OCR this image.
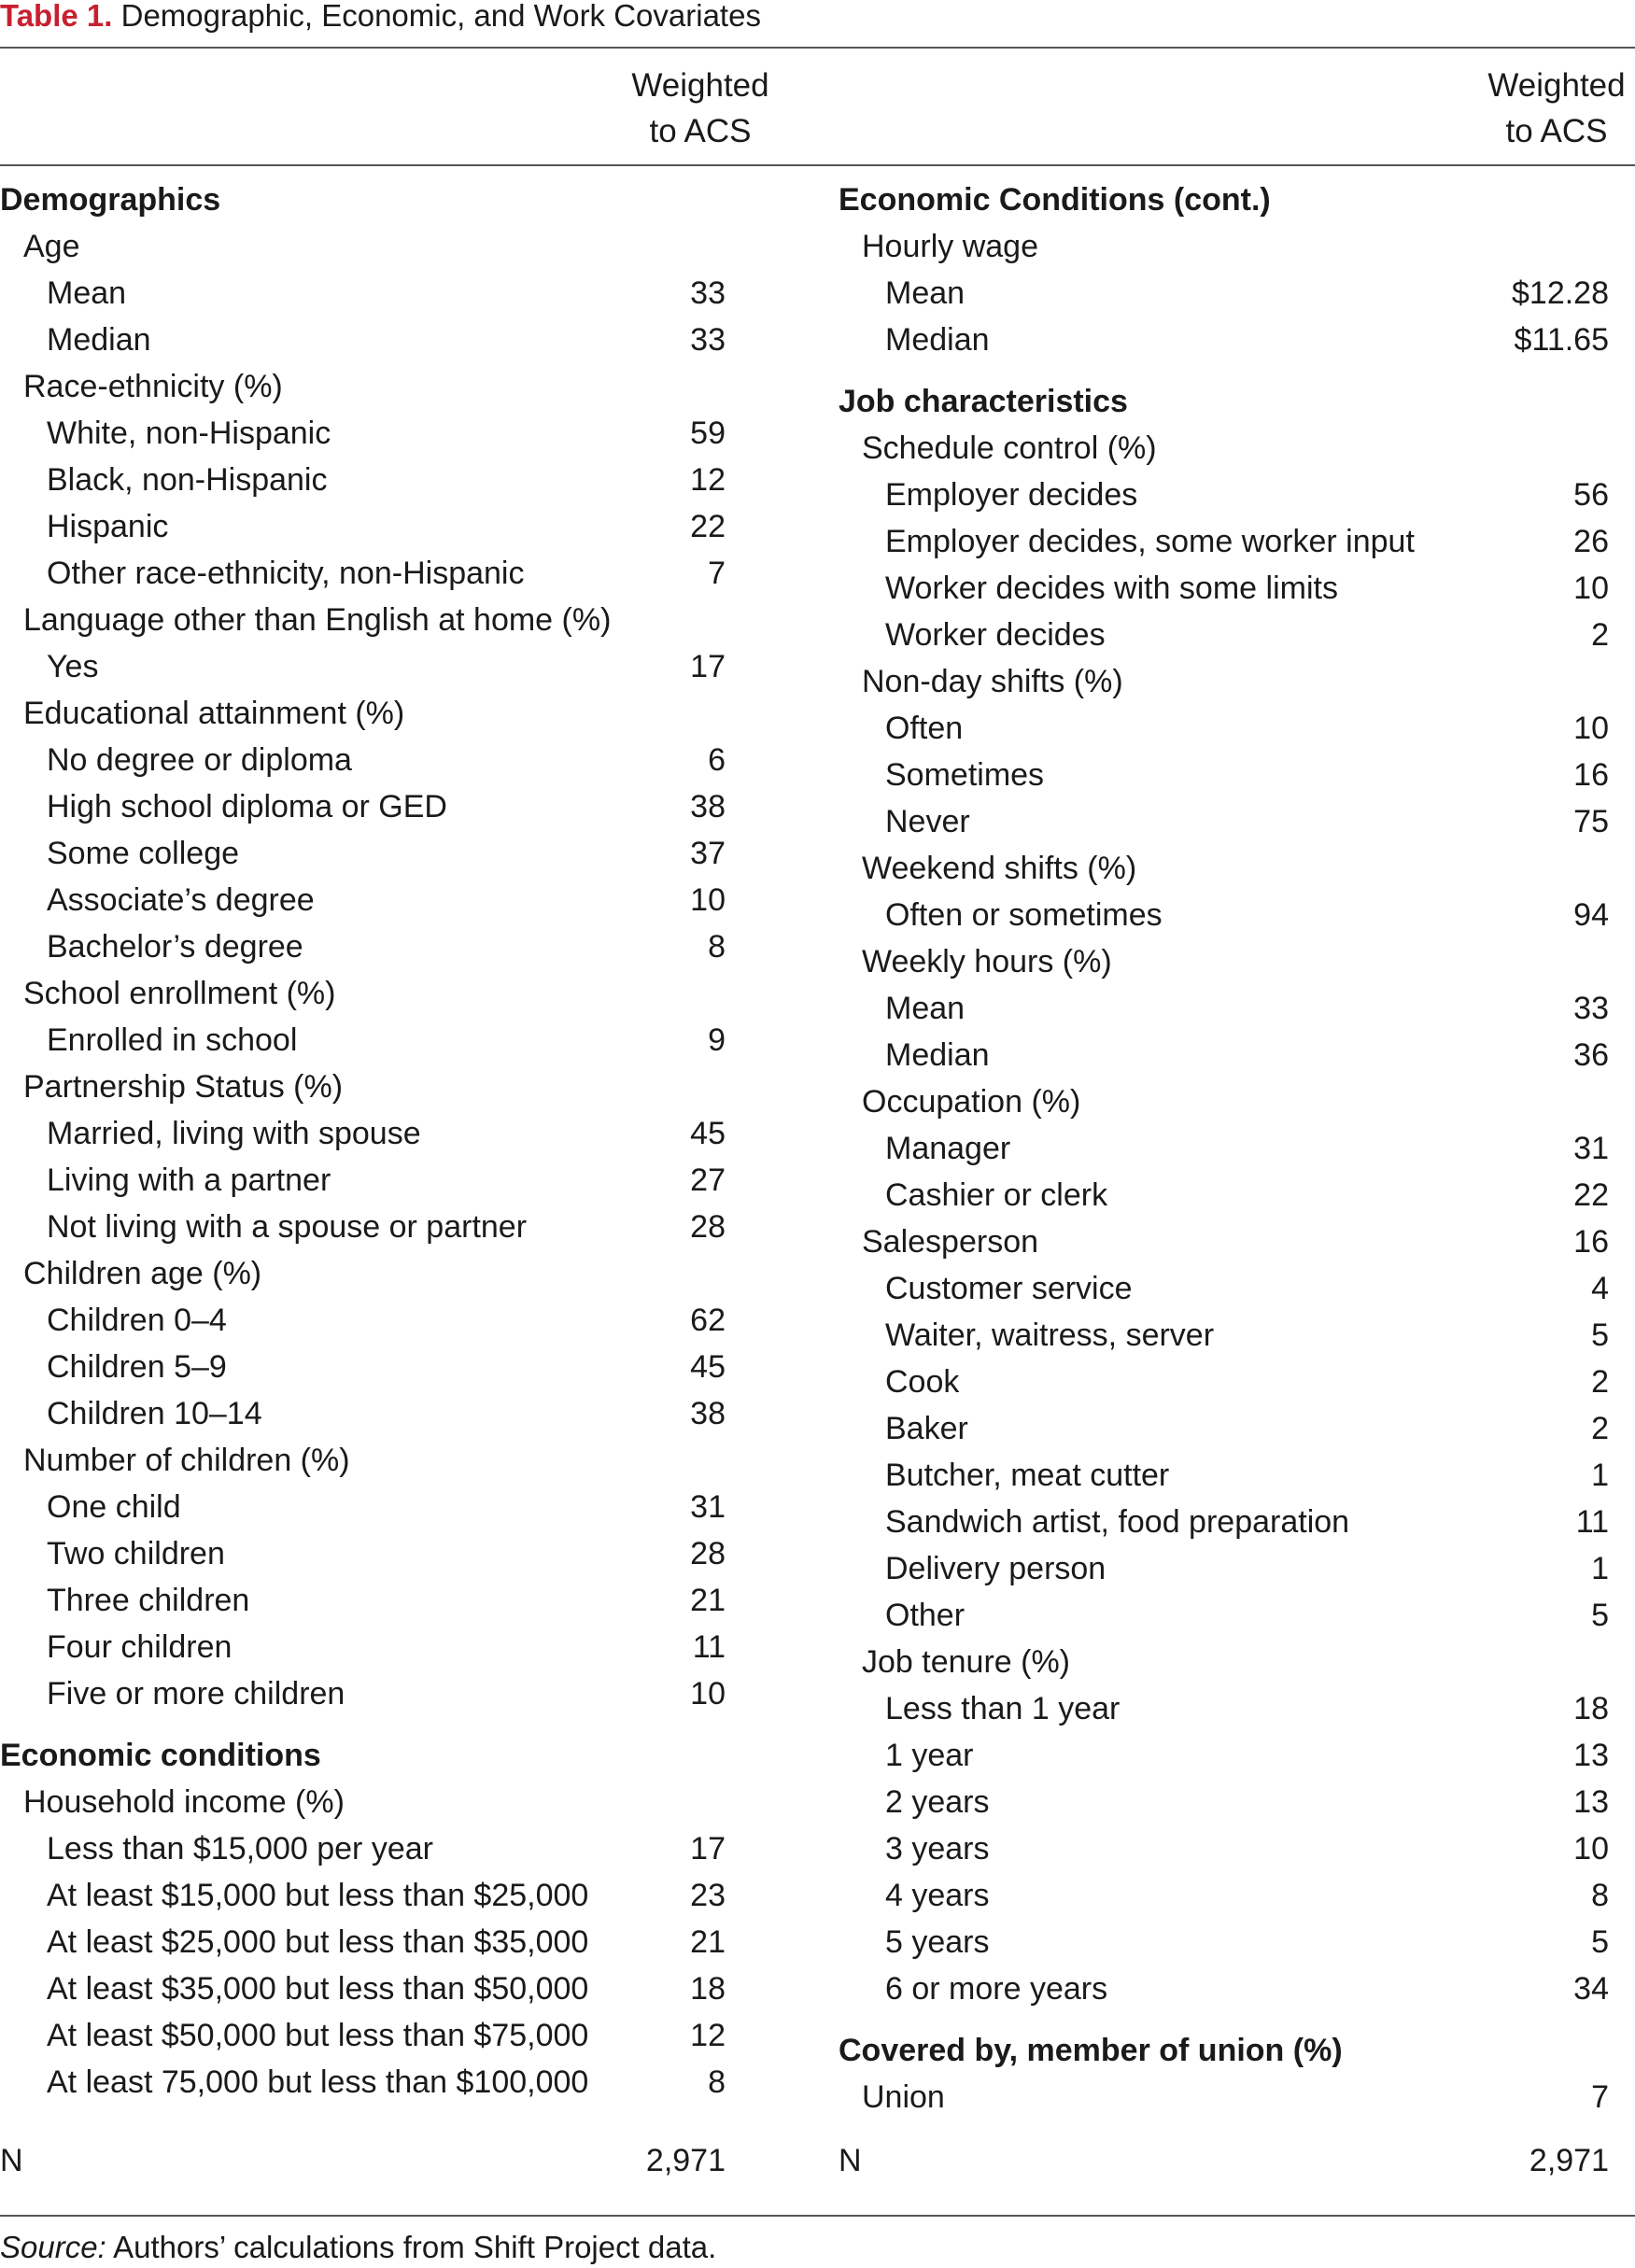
Table 1. Demographic, Economic, and Work Covariates
Weighted
to ACS
Weighted
to ACS
Demographics
Age
Mean	33
Median	33
Race-ethnicity (%)
White, non-Hispanic	59
Black, non-Hispanic	12
Hispanic	22
Other race-ethnicity, non-Hispanic	7
Language other than English at home (%)
Yes	17
Educational attainment (%)
No degree or diploma	6
High school diploma or GED	38
Some college	37
Associate’s degree	10
Bachelor’s degree	8
School enrollment (%)
Enrolled in school	9
Partnership Status (%)
Married, living with spouse	45
Living with a partner	27
Not living with a spouse or partner	28
Children age (%)
Children 0–4	62
Children 5–9	45
Children 10–14	38
Number of children (%)
One child	31
Two children	28
Three children	21
Four children	11
Five or more children	10
Economic conditions
Household income (%)
Less than $15,000 per year	17
At least $15,000 but less than $25,000	23
At least $25,000 but less than $35,000	21
At least $35,000 but less than $50,000	18
At least $50,000 but less than $75,000	12
At least 75,000 but less than $100,000	8
Economic Conditions (cont.)
Hourly wage
Mean	$12.28
Median	$11.65
Job characteristics
Schedule control (%)
Employer decides	56
Employer decides, some worker input	26
Worker decides with some limits	10
Worker decides	2
Non-day shifts (%)
Often	10
Sometimes	16
Never	75
Weekend shifts (%)
Often or sometimes	94
Weekly hours (%)
Mean	33
Median	36
Occupation (%)
Manager	31
Cashier or clerk	22
Salesperson	16
Customer service	4
Waiter, waitress, server	5
Cook	2
Baker	2
Butcher, meat cutter	1
Sandwich artist, food preparation	11
Delivery person	1
Other	5
Job tenure (%)
Less than 1 year	18
1 year	13
2 years	13
3 years	10
4 years	8
5 years	5
6 or more years	34
Covered by, member of union (%)
Union	7
N	2,971	N	2,971
Source: Authors’ calculations from Shift Project data.
